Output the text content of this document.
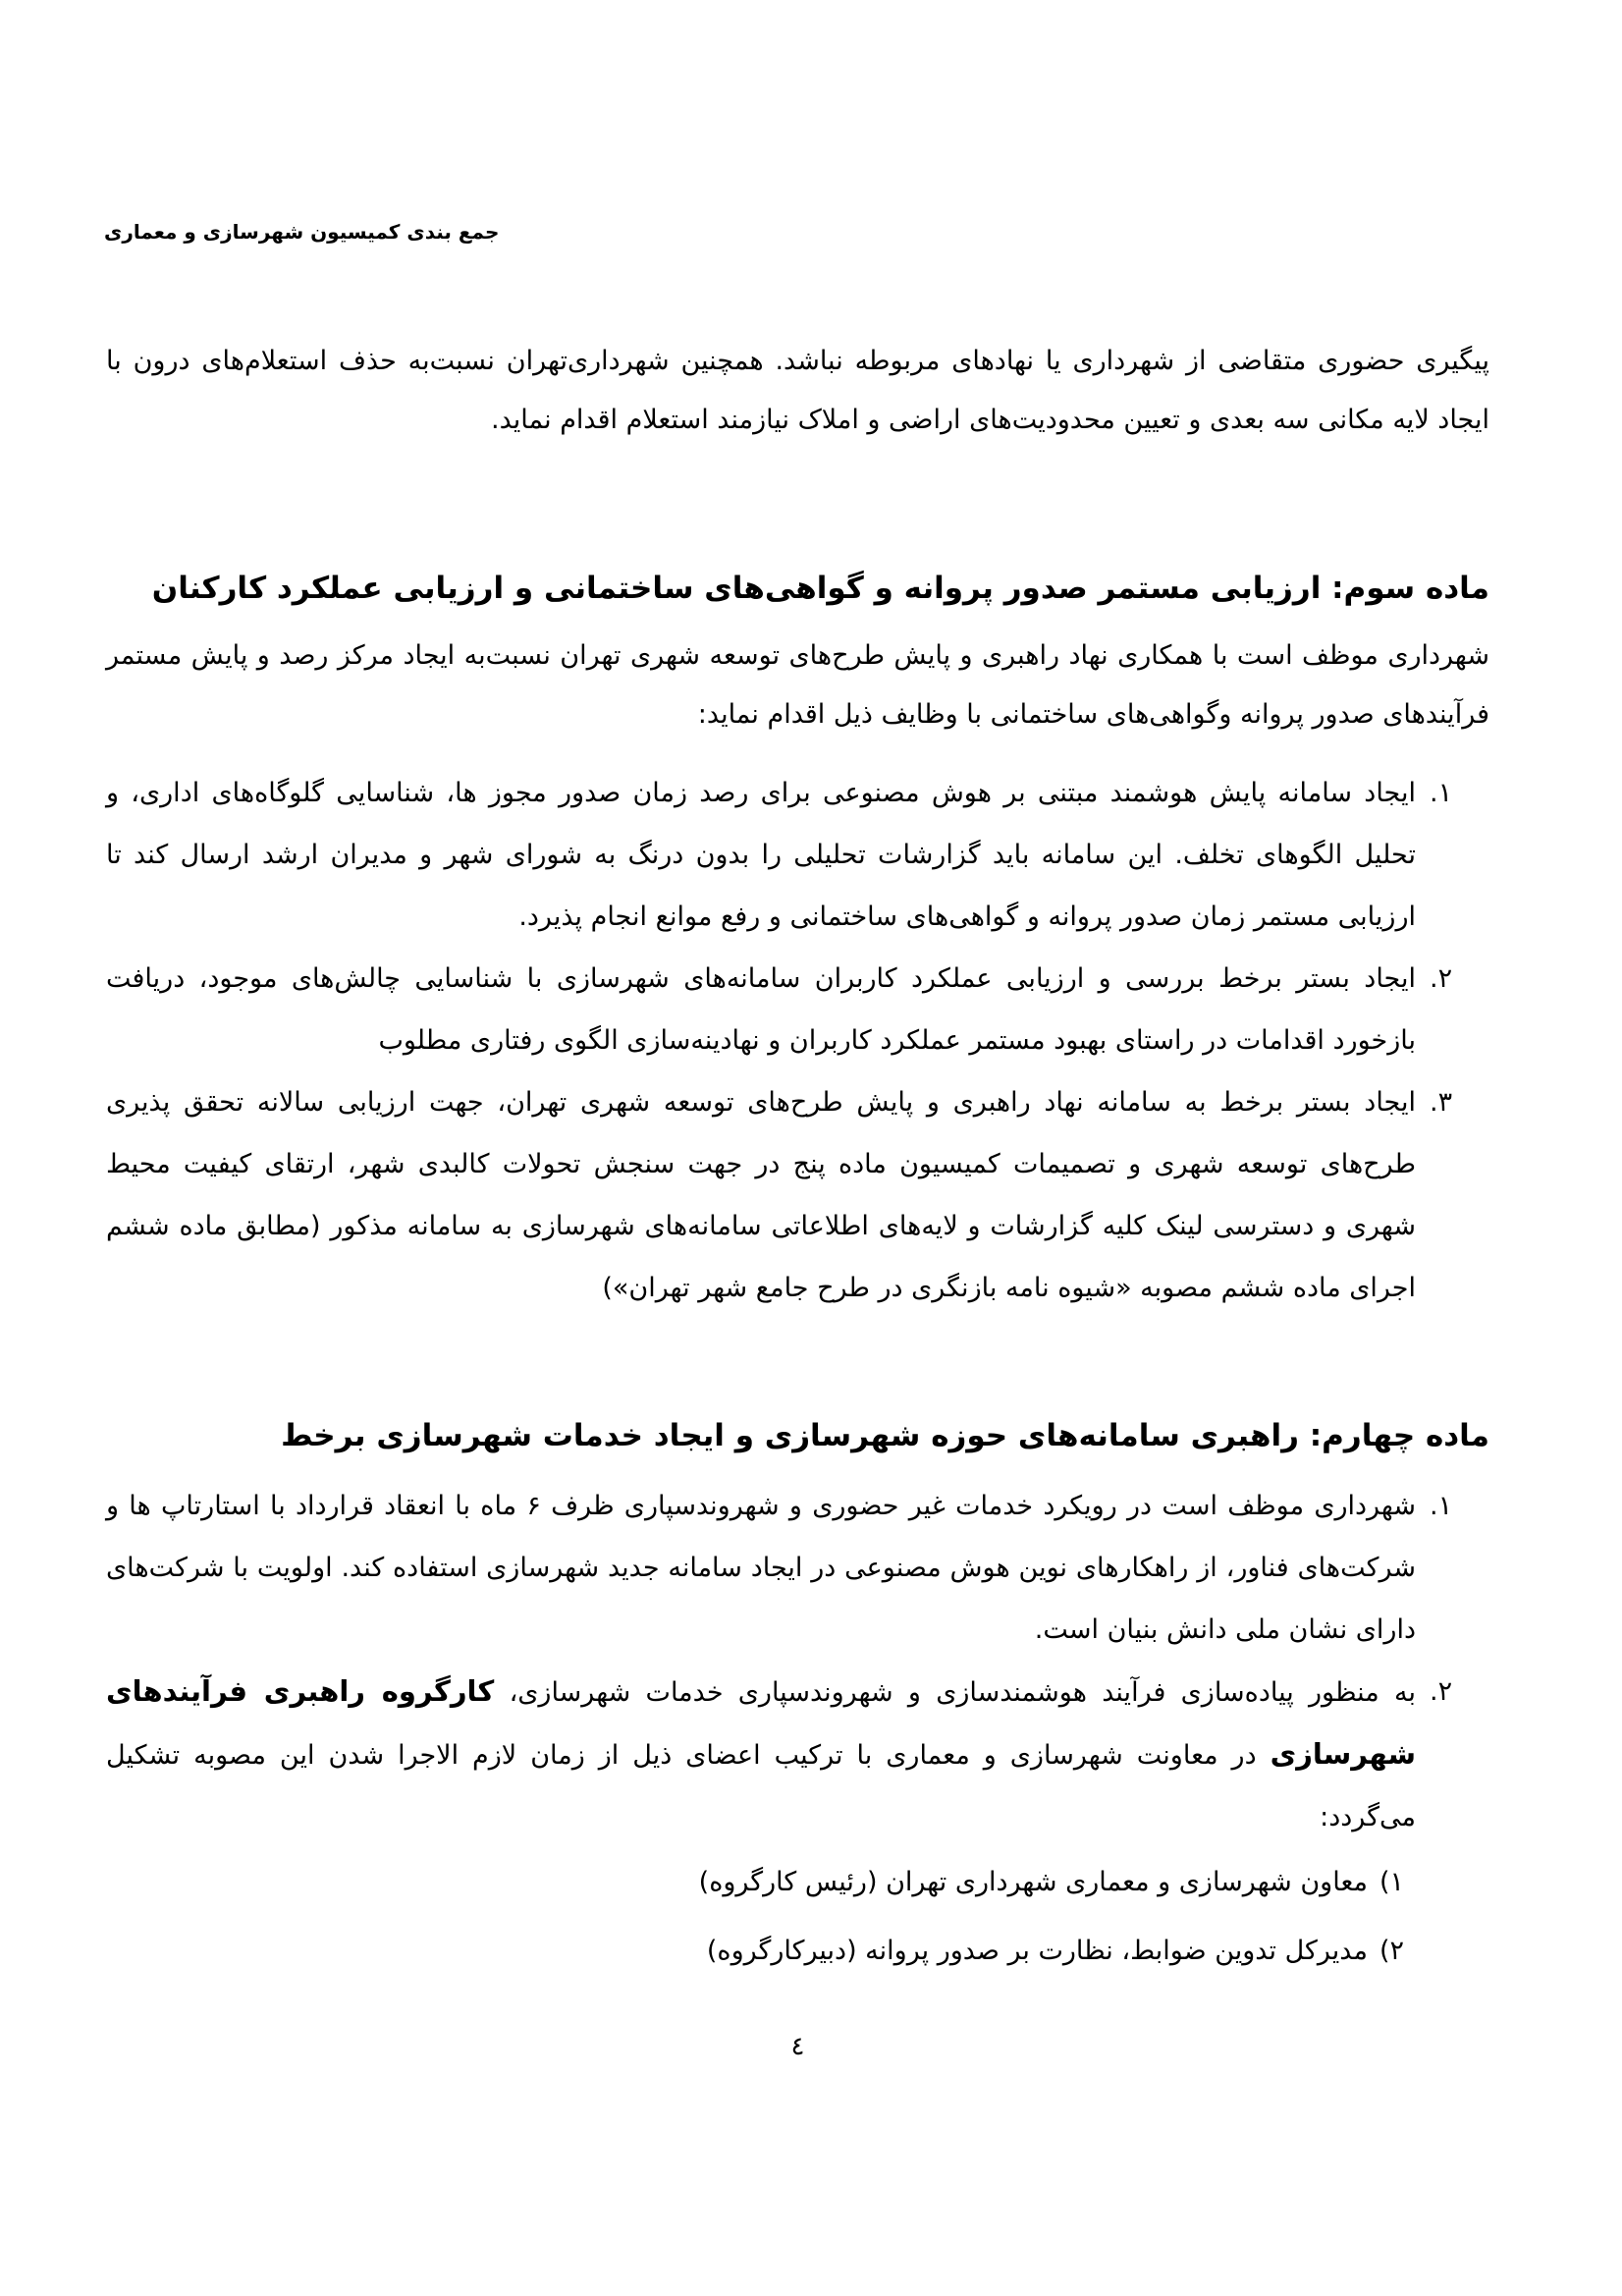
جمع بندی کمیسیون شهرسازی و معماری

پیگیری حضوری متقاضی از شهرداری یا نهادهای مربوطه نباشد. همچنین شهرداری‌تهران نسبت‌به حذف استعلام‌های درون با ایجاد لایه مکانی سه بعدی و تعیین محدودیت‌های اراضی و املاک نیازمند استعلام اقدام نماید.

ماده سوم: ارزیابی مستمر صدور پروانه و گواهی‌های ساختمانی و ارزیابی عملکرد کارکنان

شهرداری موظف است با همکاری نهاد راهبری و پایش طرح‌های توسعه شهری تهران نسبت‌به ایجاد مرکز رصد و پایش مستمر فرآیندهای صدور پروانه وگواهی‌های ساختمانی با وظایف ذیل اقدام نماید:

۱.
ایجاد سامانه پایش هوشمند مبتنی بر هوش مصنوعی برای رصد زمان صدور مجوز ها، شناسایی گلوگاه‌های اداری، و تحلیل الگوهای تخلف. این سامانه باید گزارشات تحلیلی را بدون درنگ به شورای شهر و مدیران ارشد ارسال کند تا ارزیابی مستمر زمان صدور پروانه و گواهی‌های ساختمانی و رفع موانع انجام پذیرد.
۲.
ایجاد بستر برخط بررسی و ارزیابی عملکرد کاربران سامانه‌های شهرسازی با شناسایی چالش‌های موجود، دریافت بازخورد اقدامات در راستای بهبود مستمر عملکرد کاربران و نهادینه‌سازی الگوی رفتاری مطلوب
۳.
ایجاد بستر برخط به سامانه نهاد راهبری و پایش طرح‌های توسعه شهری تهران، جهت ارزیابی سالانه تحقق پذیری طرح‌های توسعه شهری و تصمیمات کمیسیون ماده پنج در جهت سنجش تحولات کالبدی شهر، ارتقای کیفیت محیط شهری و دسترسی لینک کلیه گزارشات و لایه‌های اطلاعاتی سامانه‌های شهرسازی به سامانه مذکور (مطابق ماده ششم اجرای ماده ششم مصوبه «شیوه نامه بازنگری در طرح جامع شهر تهران»)
ماده چهارم: راهبری سامانه‌های حوزه شهرسازی و ایجاد خدمات شهرسازی برخط
۱.
شهرداری موظف است در رویکرد خدمات غیر حضوری و شهروندسپاری ظرف ۶ ماه با انعقاد قرارداد با استارتاپ ها و شرکت‌های فناور، از راهکارهای نوین هوش مصنوعی در ایجاد سامانه جدید شهرسازی استفاده کند. اولویت با شرکت‌های دارای نشان ملی دانش بنیان است.
۲.
به منظور پیاده‌سازی فرآیند هوشمندسازی و شهروندسپاری خدمات شهرسازی، کارگروه راهبری فرآیندهای شهرسازی در معاونت شهرسازی و معماری با ترکیب اعضای ذیل از زمان لازم الاجرا شدن این مصوبه تشکیل می‌گردد:
۱)
معاون شهرسازی و معماری شهرداری تهران (رئیس کارگروه)
۲)
مدیرکل تدوین ضوابط، نظارت بر صدور پروانه (دبیرکارگروه)
٤
